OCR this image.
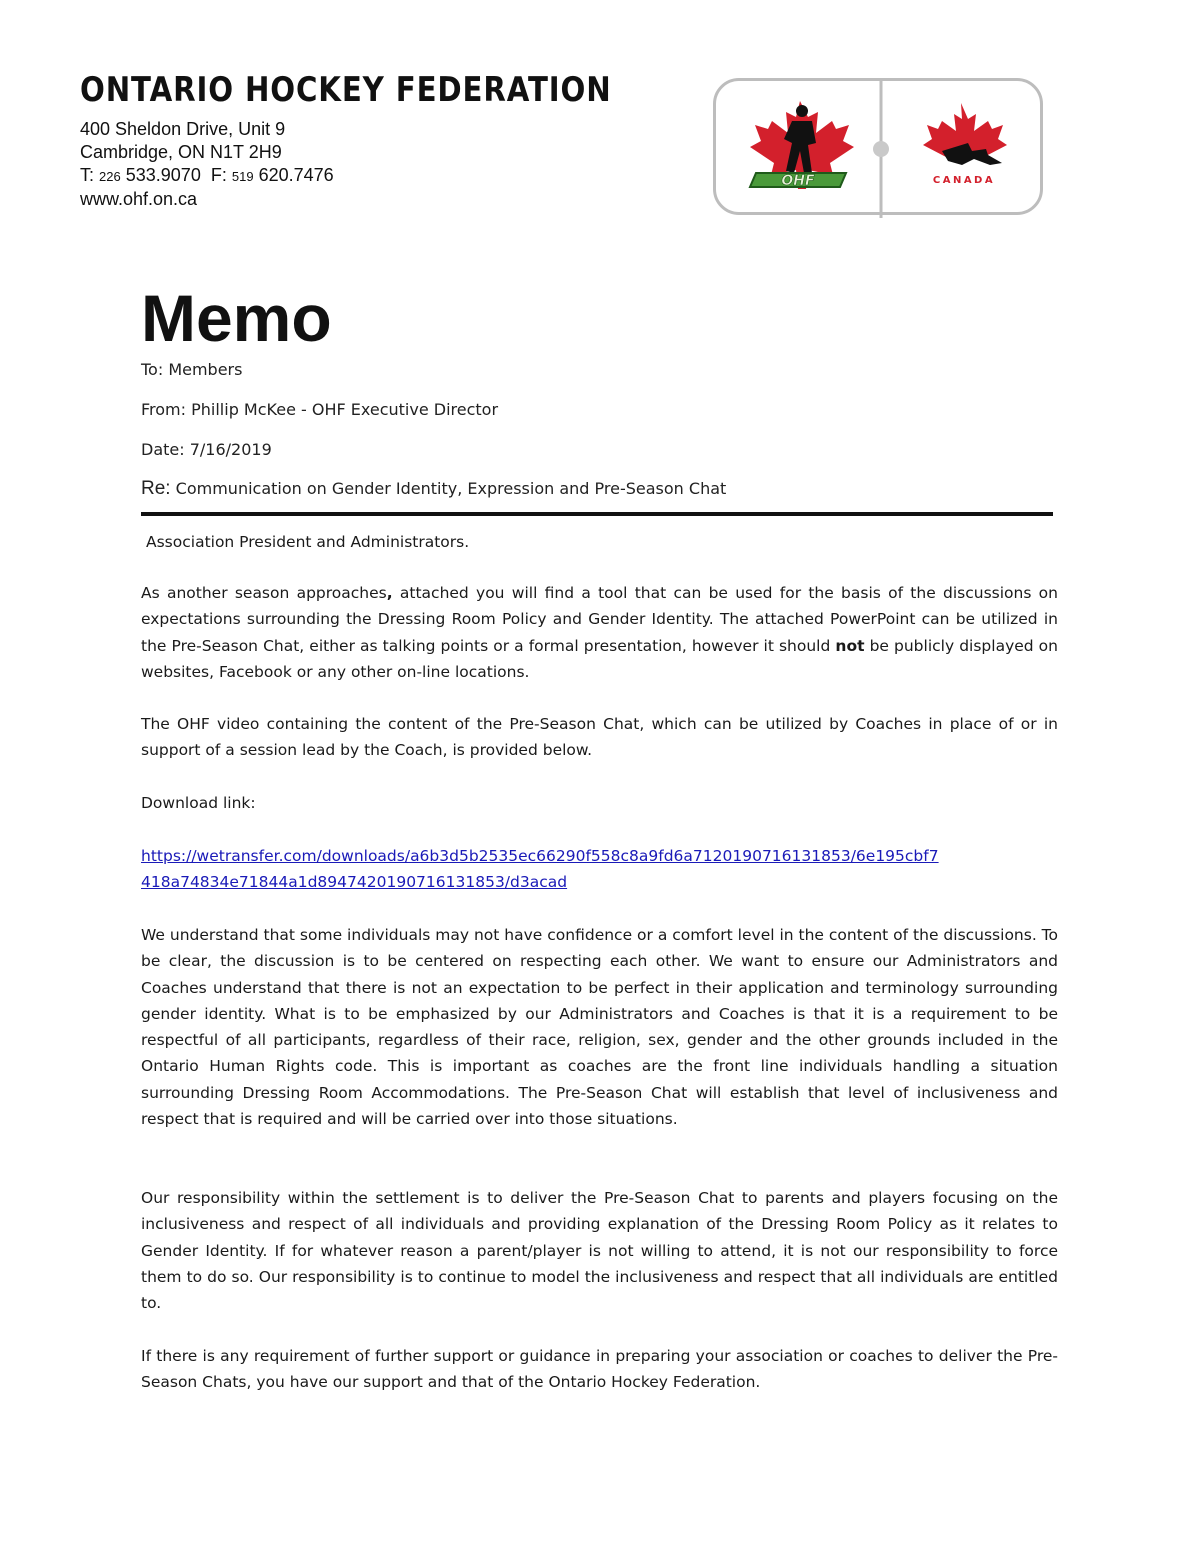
ONTARIO HOCKEY FEDERATION
400 Sheldon Drive, Unit 9
Cambridge, ON N1T 2H9
T: 226 533.9070 F: 519 620.7476
www.ohf.on.ca
OHF	CANADA
Memo
To: Members
From: Phillip McKee - OHF Executive Director
Date: 7/16/2019
Re: Communication on Gender Identity, Expression and Pre-Season Chat

Association President and Administrators.

As another season approaches, attached you will find a tool that can be used for the basis of the discussions on expectations surrounding the Dressing Room Policy and Gender Identity. The attached PowerPoint can be utilized in the Pre-Season Chat, either as talking points or a formal presentation, however it should not be publicly displayed on websites, Facebook or any other on-line locations.

The OHF video containing the content of the Pre-Season Chat, which can be utilized by Coaches in place of or in support of a session lead by the Coach, is provided below.

Download link:

https://wetransfer.com/downloads/a6b3d5b2535ec66290f558c8a9fd6a7120190716131853/6e195cbf7
418a74834e71844a1d8947420190716131853/d3acad

We understand that some individuals may not have confidence or a comfort level in the content of the discussions. To be clear, the discussion is to be centered on respecting each other. We want to ensure our Administrators and Coaches understand that there is not an expectation to be perfect in their application and terminology surrounding gender identity. What is to be emphasized by our Administrators and Coaches is that it is a requirement to be respectful of all participants, regardless of their race, religion, sex, gender and the other grounds included in the Ontario Human Rights code. This is important as coaches are the front line individuals handling a situation surrounding Dressing Room Accommodations. The Pre-Season Chat will establish that level of inclusiveness and respect that is required and will be carried over into those situations.

Our responsibility within the settlement is to deliver the Pre-Season Chat to parents and players focusing on the inclusiveness and respect of all individuals and providing explanation of the Dressing Room Policy as it relates to Gender Identity. If for whatever reason a parent/player is not willing to attend, it is not our responsibility to force them to do so. Our responsibility is to continue to model the inclusiveness and respect that all individuals are entitled to.

If there is any requirement of further support or guidance in preparing your association or coaches to deliver the Pre-Season Chats, you have our support and that of the Ontario Hockey Federation.
